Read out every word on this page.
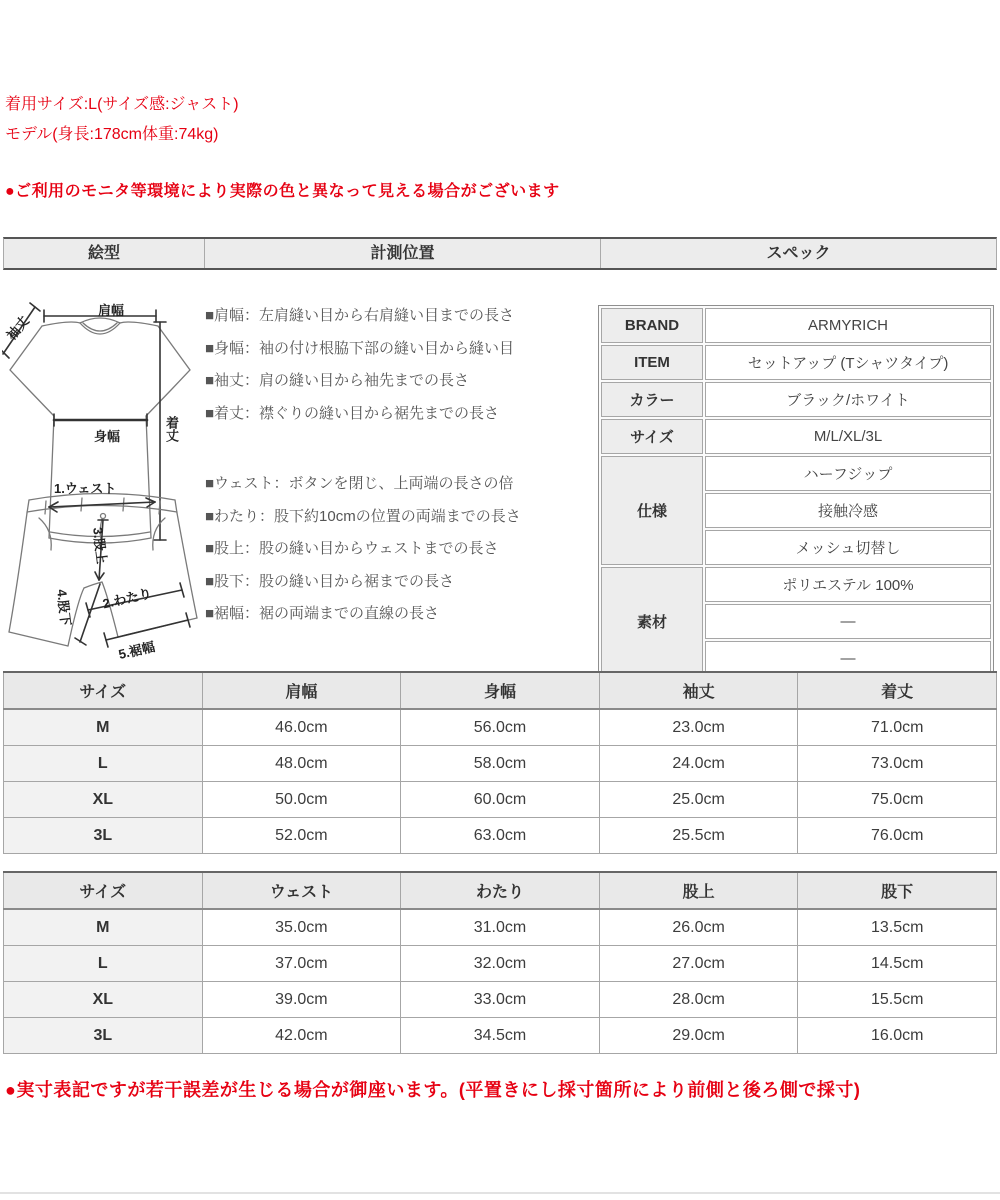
着用サイズ:L(サイズ感:ジャスト)
モデル(身長:178cm体重:74kg)
●ご利用のモニタ等環境により実際の色と異なって見える場合がございます
絵型	計測位置	スペック
肩幅
袖丈
身幅	着丈
1.ウェスト
3.股上
2.わたり
4.股下
5.裾幅
■肩幅：左肩縫い目から右肩縫い目までの長さ
■身幅：袖の付け根脇下部の縫い目から縫い目
■袖丈：肩の縫い目から袖先までの長さ
■着丈：襟ぐりの縫い目から裾先までの長さ
■ウェスト：ボタンを閉じ、上両端の長さの倍
■わたり：股下約10cmの位置の両端までの長さ
■股上：股の縫い目からウェストまでの長さ
■股下：股の縫い目から裾までの長さ
■裾幅：裾の両端までの直線の長さ
BRAND	ARMYRICH
ITEM	セットアップ (Tシャツタイプ)
カラー	ブラック/ホワイト
サイズ	M/L/XL/3L
仕様	ハーフジップ
	接触冷感
	メッシュ切替し
素材	ポリエステル 100%
	―
	―
サイズ	肩幅	身幅	袖丈	着丈
M	46.0cm	56.0cm	23.0cm	71.0cm
L	48.0cm	58.0cm	24.0cm	73.0cm
XL	50.0cm	60.0cm	25.0cm	75.0cm
3L	52.0cm	63.0cm	25.5cm	76.0cm
サイズ	ウェスト	わたり	股上	股下
M	35.0cm	31.0cm	26.0cm	13.5cm
L	37.0cm	32.0cm	27.0cm	14.5cm
XL	39.0cm	33.0cm	28.0cm	15.5cm
3L	42.0cm	34.5cm	29.0cm	16.0cm
●実寸表記ですが若干誤差が生じる場合が御座います。(平置きにし採寸箇所により前側と後ろ側で採寸)
